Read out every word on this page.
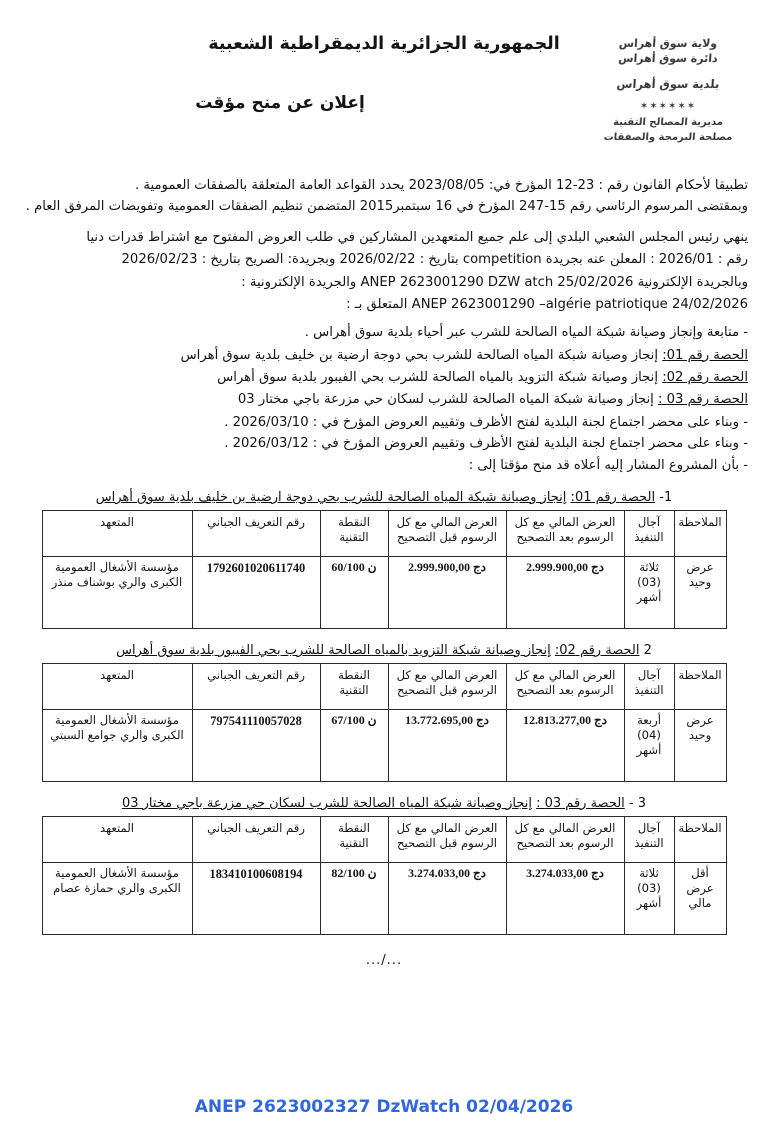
الجمهورية الجزائرية الديمقراطية الشعبية
إعلان عن منح مؤقت
ولاية سوق أهراس
دائرة سوق أهراس
بلدية سوق أهراس
✶✶✶✶✶✶
مديرية المصالح التقنية
مصلحة البرمجة والصفقات

تطبيقا لأحكام القانون رقم : 23-12 المؤرخ في: 2023/08/05 يحدد القواعد العامة المتعلقة بالصفقات العمومية .

وبمقتضى المرسوم الرئاسي رقم 15-247 المؤرخ في 16 سبتمبر2015 المتضمن تنظيم الصفقات العمومية وتفويضات المرفق العام .

ينهي رئيس المجلس الشعبي البلدي إلى علم جميع المتعهدين المشاركين في طلب العروض المفتوح مع اشتراط قدرات دنيا

رقم : 2026/01 : المعلن عنه بجريدة competition بتاريخ : 2026/02/22 وبجريدة: الصريح بتاريخ : 2026/02/23

وبالجريدة الإلكترونية ANEP 2623001290 DZW atch 25/02/2026 والجريدة الإلكترونية :

ANEP 2623001290 –algérie patriotique 24/02/2026 المتعلق بـ :

- متابعة وإنجاز وصيانة شبكة المياه الصالحة للشرب عبر أحياء بلدية سوق أهراس .

الحصة رقم 01: إنجاز وصيانة شبكة المياه الصالحة للشرب بحي دوجة ارضية بن خليف بلدية سوق أهراس

الحصة رقم 02: إنجاز وصيانة شبكة التزويد بالمياه الصالحة للشرب بحي الفيبور بلدية سوق أهراس

الحصة رقم 03 : إنجاز وصيانة شبكة المياه الصالحة للشرب لسكان حي مزرعة باجي مختار 03

- وبناء على محضر اجتماع لجنة البلدية لفتح الأظرف وتقييم العروض المؤرخ في : 2026/03/10 .

- وبناء على محضر اجتماع لجنة البلدية لفتح الأظرف وتقييم العروض المؤرخ في : 2026/03/12 .

- بأن المشروع المشار إليه أعلاه قد منح مؤقتا إلى :

1- الحصة رقم 01: إنجاز وصيانة شبكة المياه الصالحة للشرب بحي دوجة ارضية بن خليف بلدية سوق أهراس
الملاحظة	آجال التنفيذ	العرض المالي مع كل الرسوم بعد التصحيح	العرض المالي مع كل الرسوم قبل التصحيح	النقطة التقنية	رقم التعريف الجباني	المتعهد
عرض وحيد	ثلاثة (03) أشهر	2.999.900,00 دج	2.999.900,00 دج	60/100 ن	1792601020611740	مؤسسة الأشغال العمومية الكبرى والري بوشناف منذر
2 الحصة رقم 02: إنجاز وصيانة شبكة التزويد بالمياه الصالحة للشرب بحي الفيبور بلدية سوق أهراس
الملاحظة	آجال التنفيذ	العرض المالي مع كل الرسوم بعد التصحيح	العرض المالي مع كل الرسوم قبل التصحيح	النقطة التقنية	رقم التعريف الجباني	المتعهد
عرض وحيد	أربعة (04) أشهر	12.813.277,00 دج	13.772.695,00 دج	67/100 ن	797541110057028	مؤسسة الأشغال العمومية الكبرى والري جوامع السبتي
3 - الحصة رقم 03 : إنجاز وصيانة شبكة المياه الصالحة للشرب لسكان حي مزرعة باجي مختار 03
الملاحظة	آجال التنفيذ	العرض المالي مع كل الرسوم بعد التصحيح	العرض المالي مع كل الرسوم قبل التصحيح	النقطة التقنية	رقم التعريف الجباني	المتعهد
أقل عرض مالي	ثلاثة (03) أشهر	3.274.033,00 دج	3.274.033,00 دج	82/100 ن	183410100608194	مؤسسة الأشغال العمومية الكبرى والري حمازة عصام
.../...
ANEP 2623002327 DzWatch 02/04/2026
